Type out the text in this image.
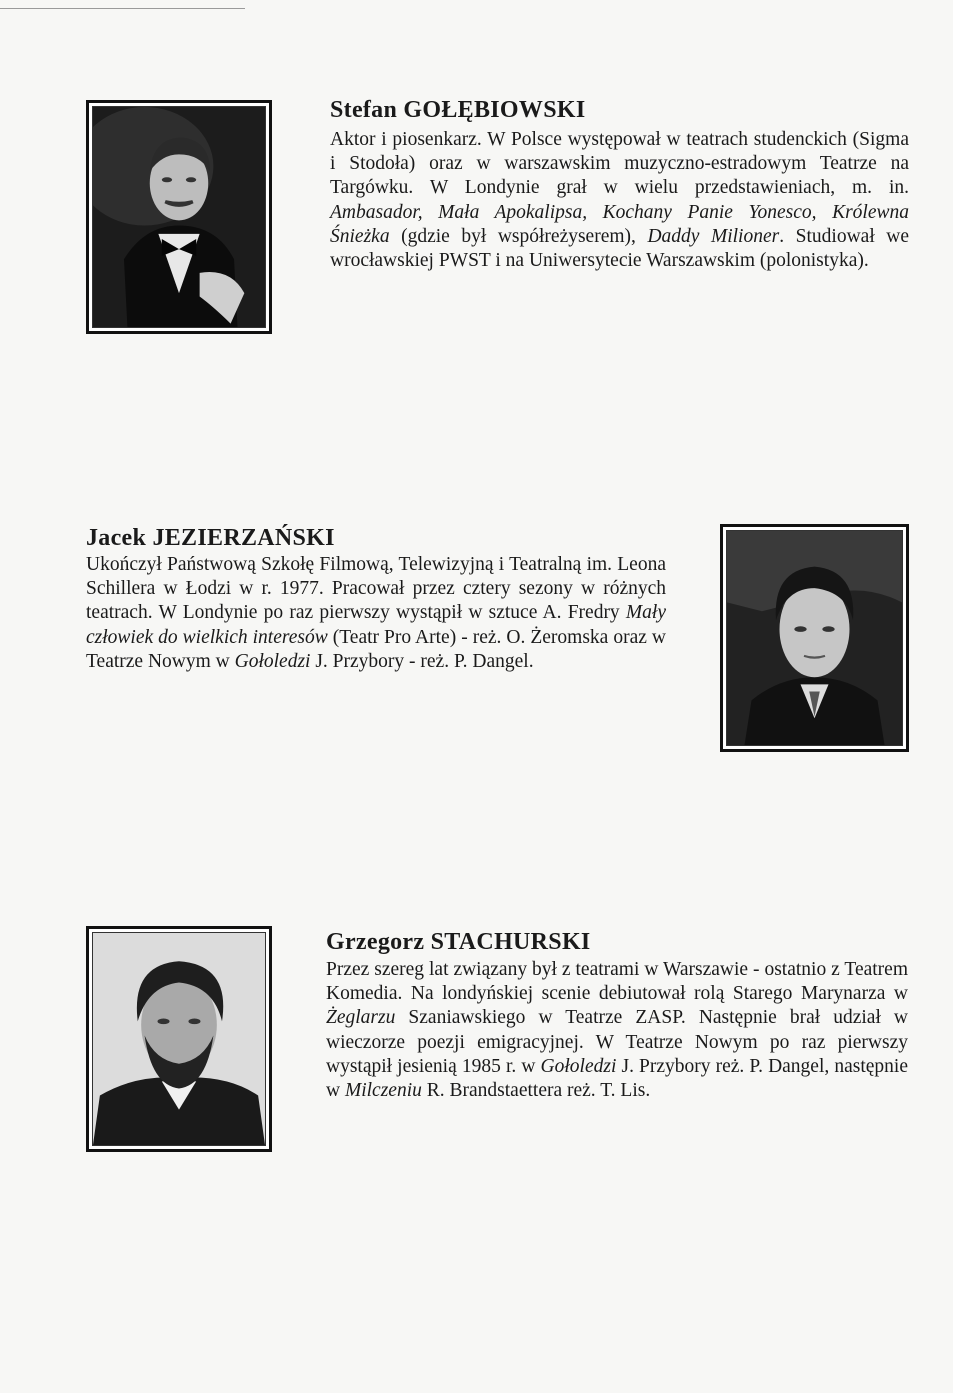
Stefan GOŁĘBIOWSKI

Aktor i piosenkarz. W Polsce występował w teatrach studenckich (Sigma i Stodoła) oraz w warszawskim muzyczno-estradowym Teatrze na Targówku. W Londynie grał w wielu przedstawieniach, m. in. Ambasador, Mała Apokalipsa, Kochany Panie Yonesco, Królewna Śnieżka (gdzie był współreżyserem), Daddy Milioner. Studiował we wrocławskiej PWST i na Uniwersytecie Warszawskim (polonistyka).

Jacek JEZIERZAŃSKI

Ukończył Państwową Szkołę Filmową, Telewizyjną i Teatralną im. Leona Schillera w Łodzi w r. 1977. Pracował przez cztery sezony w różnych teatrach. W Londynie po raz pierwszy wystąpił w sztuce A. Fredry Mały człowiek do wielkich interesów (Teatr Pro Arte) - reż. O. Żeromska oraz w Teatrze Nowym w Gołoledzi J. Przybory - reż. P. Dangel.

Grzegorz STACHURSKI

Przez szereg lat związany był z teatrami w Warszawie - ostatnio z Teatrem Komedia. Na londyńskiej scenie debiutował rolą Starego Marynarza w Żeglarzu Szaniawskiego w Teatrze ZASP. Następnie brał udział w wieczorze poezji emigracyjnej. W Teatrze Nowym po raz pierwszy wystąpił jesienią 1985 r. w Gołoledzi J. Przybory reż. P. Dangel, następnie w Milczeniu R. Brandstaettera reż. T. Lis.
